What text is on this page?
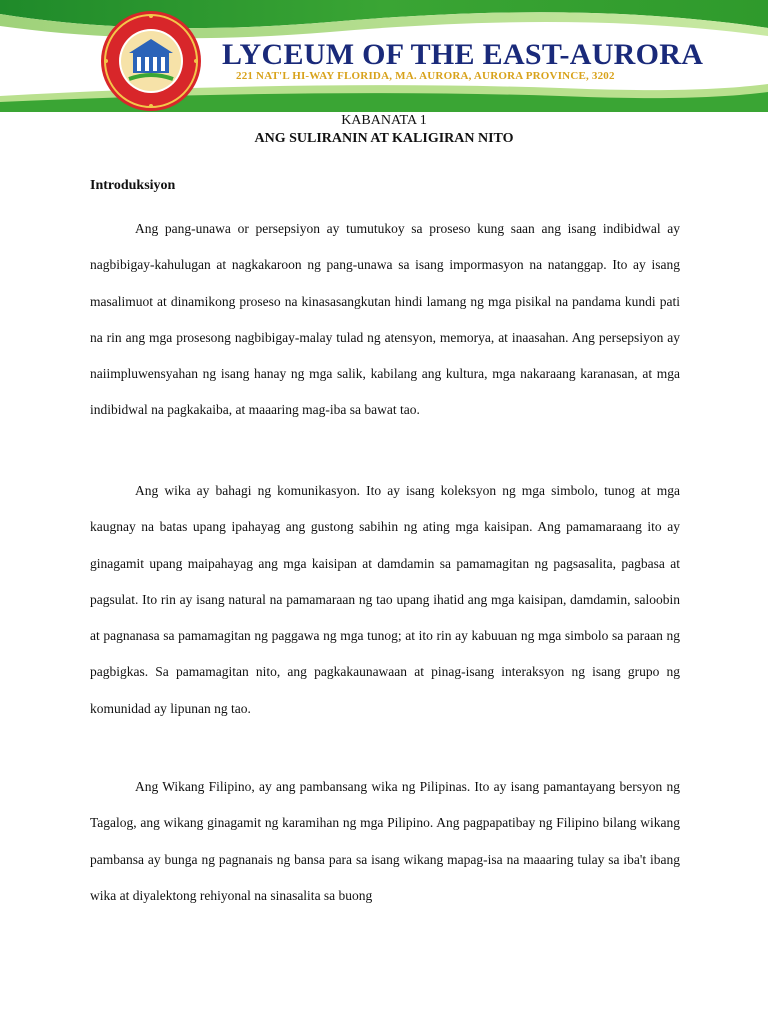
LYCEUM OF THE EAST-AURORA
221 NAT'L HI-WAY FLORIDA, MA. AURORA, AURORA PROVINCE, 3202
KABANATA 1
ANG SULIRANIN AT KALIGIRAN NITO
Introduksiyon

Ang pang-unawa or persepsiyon ay tumutukoy sa proseso kung saan ang isang indibidwal ay nagbibigay-kahulugan at nagkakaroon ng pang-unawa sa isang impormasyon na natanggap. Ito ay isang masalimuot at dinamikong proseso na kinasasangkutan hindi lamang ng mga pisikal na pandama kundi pati na rin ang mga prosesong nagbibigay-malay tulad ng atensyon, memorya, at inaasahan. Ang persepsiyon ay naiimpluwensyahan ng isang hanay ng mga salik, kabilang ang kultura, mga nakaraang karanasan, at mga indibidwal na pagkakaiba, at maaaring mag-iba sa bawat tao.

Ang wika ay bahagi ng komunikasyon. Ito ay isang koleksyon ng mga simbolo, tunog at mga kaugnay na batas upang ipahayag ang gustong sabihin ng ating mga kaisipan. Ang pamamaraang ito ay ginagamit upang maipahayag ang mga kaisipan at damdamin sa pamamagitan ng pagsasalita, pagbasa at pagsulat. Ito rin ay isang natural na pamamaraan ng tao upang ihatid ang mga kaisipan, damdamin, saloobin at pagnanasa sa pamamagitan ng paggawa ng mga tunog; at ito rin ay kabuuan ng mga simbolo sa paraan ng pagbigkas. Sa pamamagitan nito, ang pagkakaunawaan at pinag-isang interaksyon ng isang grupo ng komunidad ay lipunan ng tao.

Ang Wikang Filipino, ay ang pambansang wika ng Pilipinas. Ito ay isang pamantayang bersyon ng Tagalog, ang wikang ginagamit ng karamihan ng mga Pilipino. Ang pagpapatibay ng Filipino bilang wikang pambansa ay bunga ng pagnanais ng bansa para sa isang wikang mapag-isa na maaaring tulay sa iba't ibang wika at diyalektong rehiyonal na sinasalita sa buong
